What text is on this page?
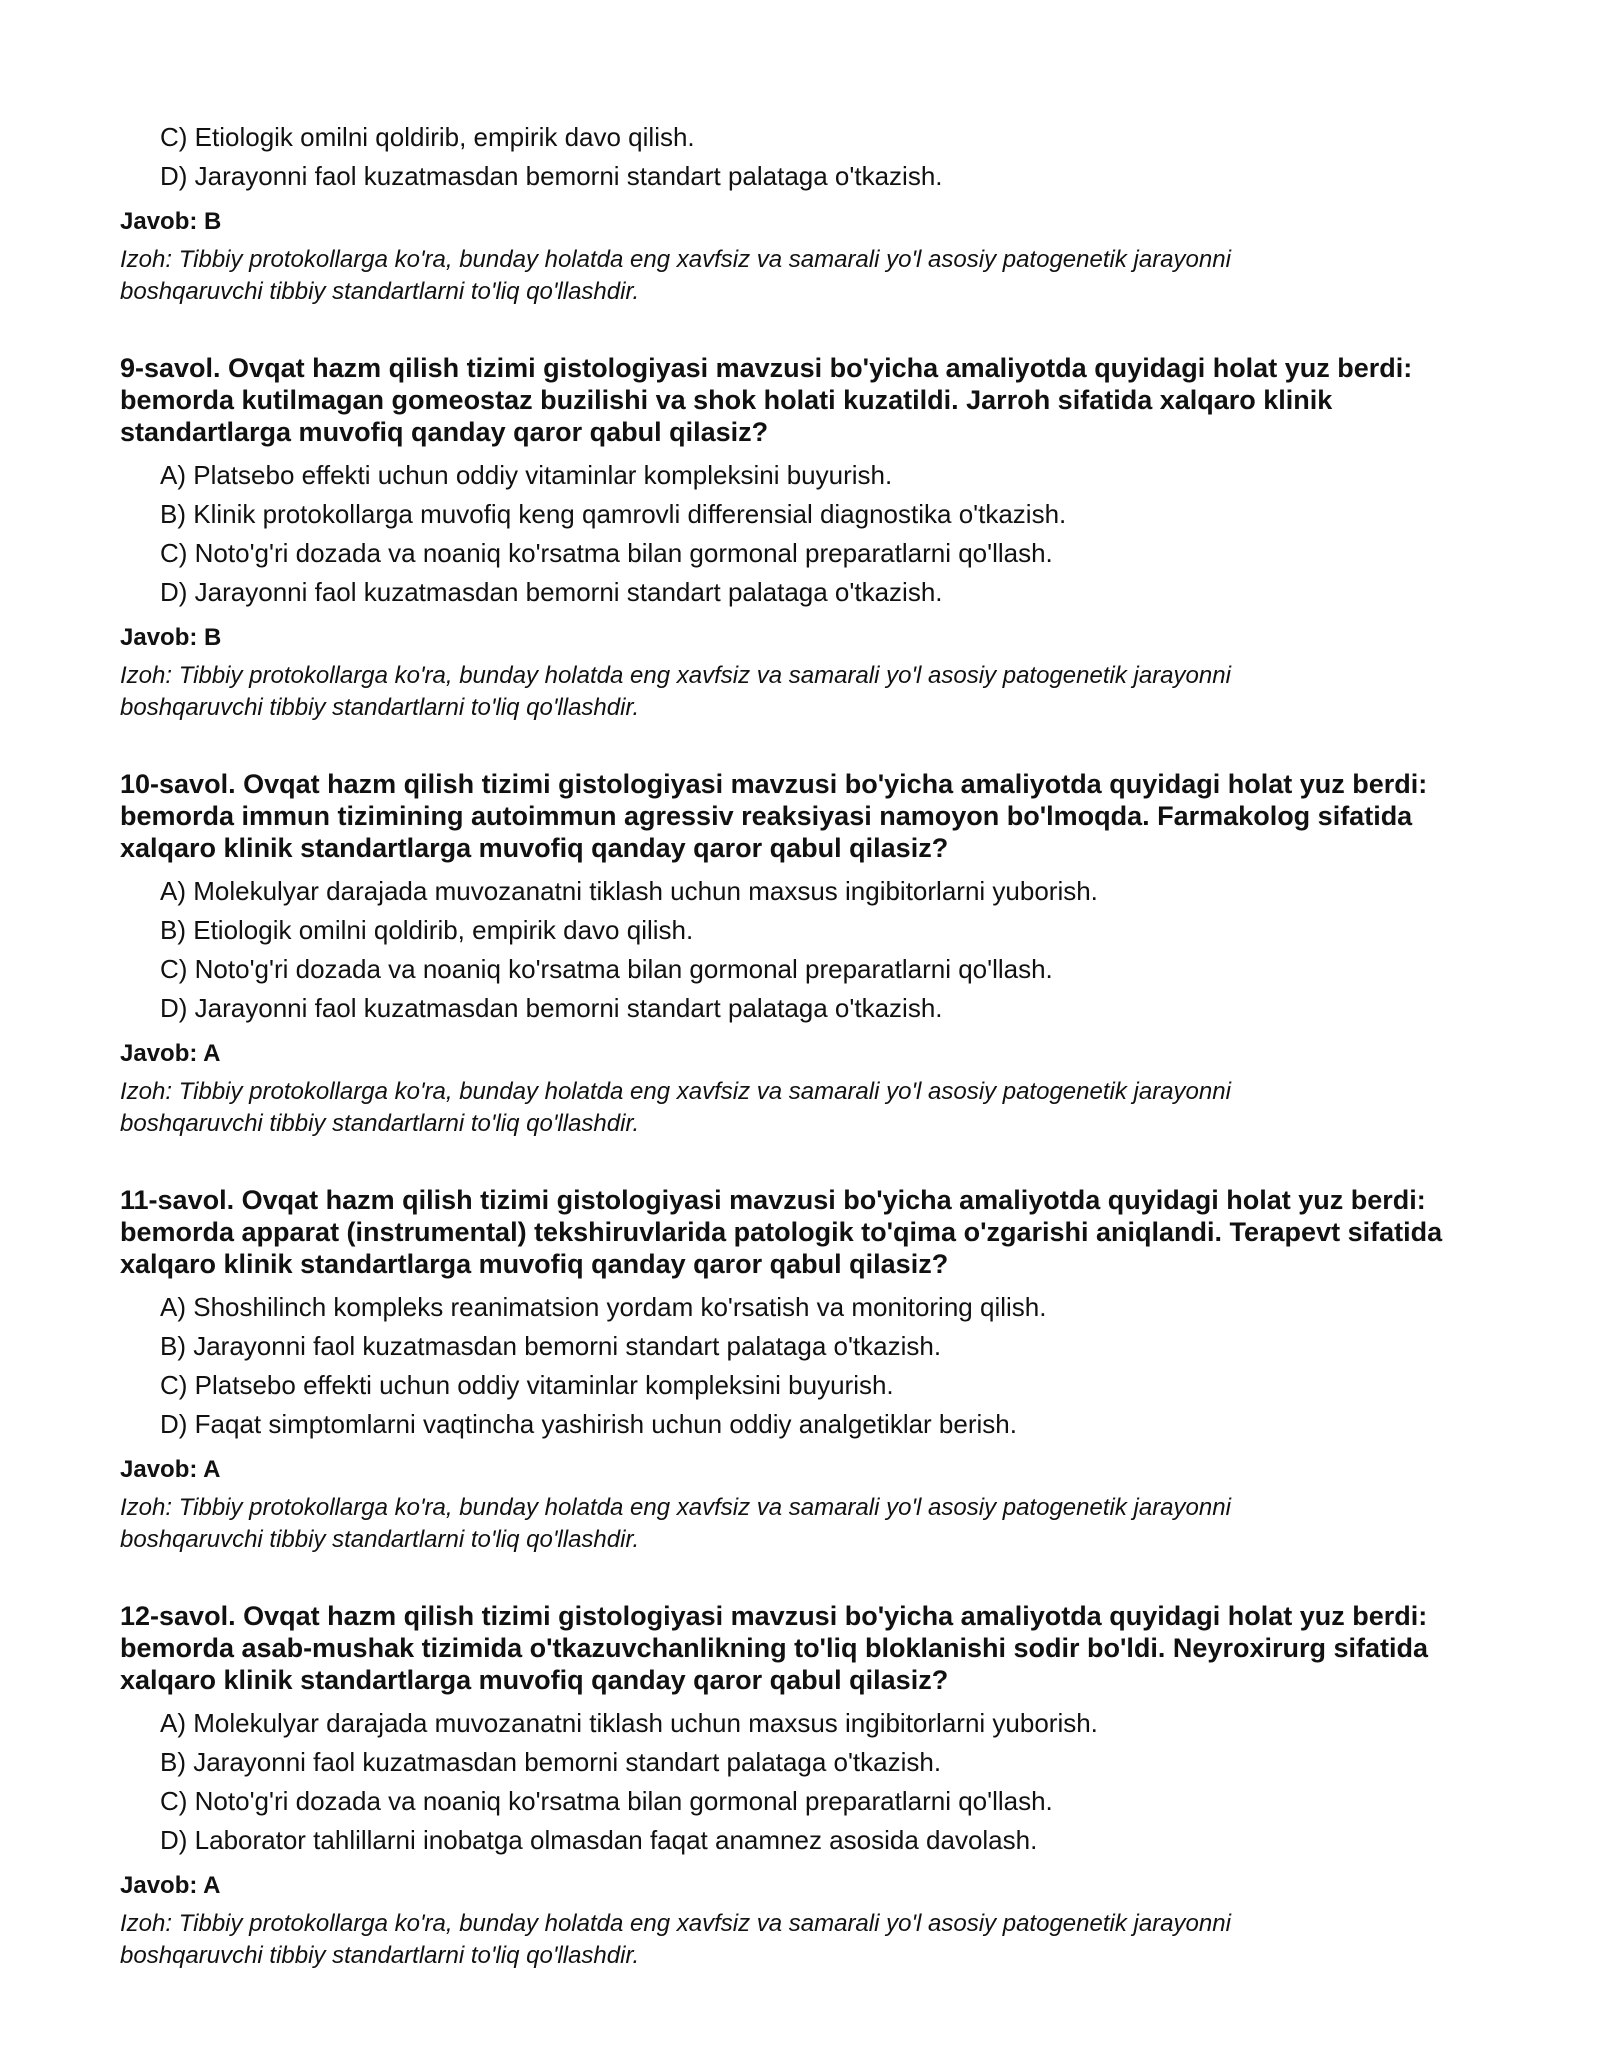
C) Etiologik omilni qoldirib, empirik davo qilish.
D) Jarayonni faol kuzatmasdan bemorni standart palataga o'tkazish.
Javob: B
Izoh: Tibbiy protokollarga ko'ra, bunday holatda eng xavfsiz va samarali yo'l asosiy patogenetik jarayonni boshqaruvchi tibbiy standartlarni to'liq qo'llashdir.

9-savol. Ovqat hazm qilish tizimi gistologiyasi mavzusi bo'yicha amaliyotda quyidagi holat yuz berdi: bemorda kutilmagan gomeostaz buzilishi va shok holati kuzatildi. Jarroh sifatida xalqaro klinik standartlarga muvofiq qanday qaror qabul qilasiz?

A) Platsebo effekti uchun oddiy vitaminlar kompleksini buyurish.
B) Klinik protokollarga muvofiq keng qamrovli differensial diagnostika o'tkazish.
C) Noto'g'ri dozada va noaniq ko'rsatma bilan gormonal preparatlarni qo'llash.
D) Jarayonni faol kuzatmasdan bemorni standart palataga o'tkazish.
Javob: B
Izoh: Tibbiy protokollarga ko'ra, bunday holatda eng xavfsiz va samarali yo'l asosiy patogenetik jarayonni boshqaruvchi tibbiy standartlarni to'liq qo'llashdir.

10-savol. Ovqat hazm qilish tizimi gistologiyasi mavzusi bo'yicha amaliyotda quyidagi holat yuz berdi: bemorda immun tizimining autoimmun agressiv reaksiyasi namoyon bo'lmoqda. Farmakolog sifatida xalqaro klinik standartlarga muvofiq qanday qaror qabul qilasiz?

A) Molekulyar darajada muvozanatni tiklash uchun maxsus ingibitorlarni yuborish.
B) Etiologik omilni qoldirib, empirik davo qilish.
C) Noto'g'ri dozada va noaniq ko'rsatma bilan gormonal preparatlarni qo'llash.
D) Jarayonni faol kuzatmasdan bemorni standart palataga o'tkazish.
Javob: A
Izoh: Tibbiy protokollarga ko'ra, bunday holatda eng xavfsiz va samarali yo'l asosiy patogenetik jarayonni boshqaruvchi tibbiy standartlarni to'liq qo'llashdir.

11-savol. Ovqat hazm qilish tizimi gistologiyasi mavzusi bo'yicha amaliyotda quyidagi holat yuz berdi: bemorda apparat (instrumental) tekshiruvlarida patologik to'qima o'zgarishi aniqlandi. Terapevt sifatida xalqaro klinik standartlarga muvofiq qanday qaror qabul qilasiz?

A) Shoshilinch kompleks reanimatsion yordam ko'rsatish va monitoring qilish.
B) Jarayonni faol kuzatmasdan bemorni standart palataga o'tkazish.
C) Platsebo effekti uchun oddiy vitaminlar kompleksini buyurish.
D) Faqat simptomlarni vaqtincha yashirish uchun oddiy analgetiklar berish.
Javob: A
Izoh: Tibbiy protokollarga ko'ra, bunday holatda eng xavfsiz va samarali yo'l asosiy patogenetik jarayonni boshqaruvchi tibbiy standartlarni to'liq qo'llashdir.

12-savol. Ovqat hazm qilish tizimi gistologiyasi mavzusi bo'yicha amaliyotda quyidagi holat yuz berdi: bemorda asab-mushak tizimida o'tkazuvchanlikning to'liq bloklanishi sodir bo'ldi. Neyroxirurg sifatida xalqaro klinik standartlarga muvofiq qanday qaror qabul qilasiz?

A) Molekulyar darajada muvozanatni tiklash uchun maxsus ingibitorlarni yuborish.
B) Jarayonni faol kuzatmasdan bemorni standart palataga o'tkazish.
C) Noto'g'ri dozada va noaniq ko'rsatma bilan gormonal preparatlarni qo'llash.
D) Laborator tahlillarni inobatga olmasdan faqat anamnez asosida davolash.
Javob: A
Izoh: Tibbiy protokollarga ko'ra, bunday holatda eng xavfsiz va samarali yo'l asosiy patogenetik jarayonni boshqaruvchi tibbiy standartlarni to'liq qo'llashdir.
